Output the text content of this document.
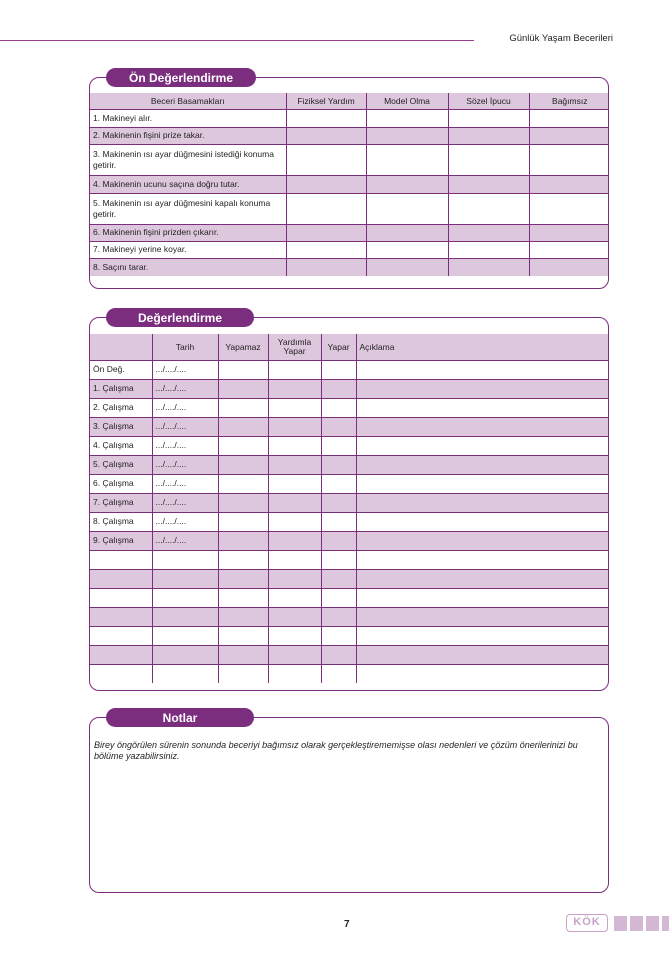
Günlük Yaşam Becerileri
Ön Değerlendirme
Beceri Basamakları	Fiziksel Yardım	Model Olma	Sözel İpucu	Bağımsız
1. Makineyi alır.				
2. Makinenin fişini prize takar.				
3. Makinenin ısı ayar düğmesini istediği konuma getirir.				
4. Makinenin ucunu saçına doğru tutar.				
5. Makinenin ısı ayar düğmesini kapalı konuma getirir.				
6. Makinenin fişini prizden çıkarır.				
7. Makineyi yerine koyar.				
8. Saçını tarar.				
Değerlendirme
	Tarih	Yapamaz	Yardımla Yapar	Yapar	Açıklama
Ön Değ.	.../..../....				
1. Çalışma	.../..../....				
2. Çalışma	.../..../....				
3. Çalışma	.../..../....				
4. Çalışma	.../..../....				
5. Çalışma	.../..../....				
6. Çalışma	.../..../....				
7. Çalışma	.../..../....				
8. Çalışma	.../..../....				
9. Çalışma	.../..../....				

Notlar
Birey öngörülen sürenin sonunda beceriyi bağımsız olarak gerçekleştirememişse olası nedenleri ve çözüm önerilerinizi bu bölüme yazabilirsiniz.
7	KÖK
